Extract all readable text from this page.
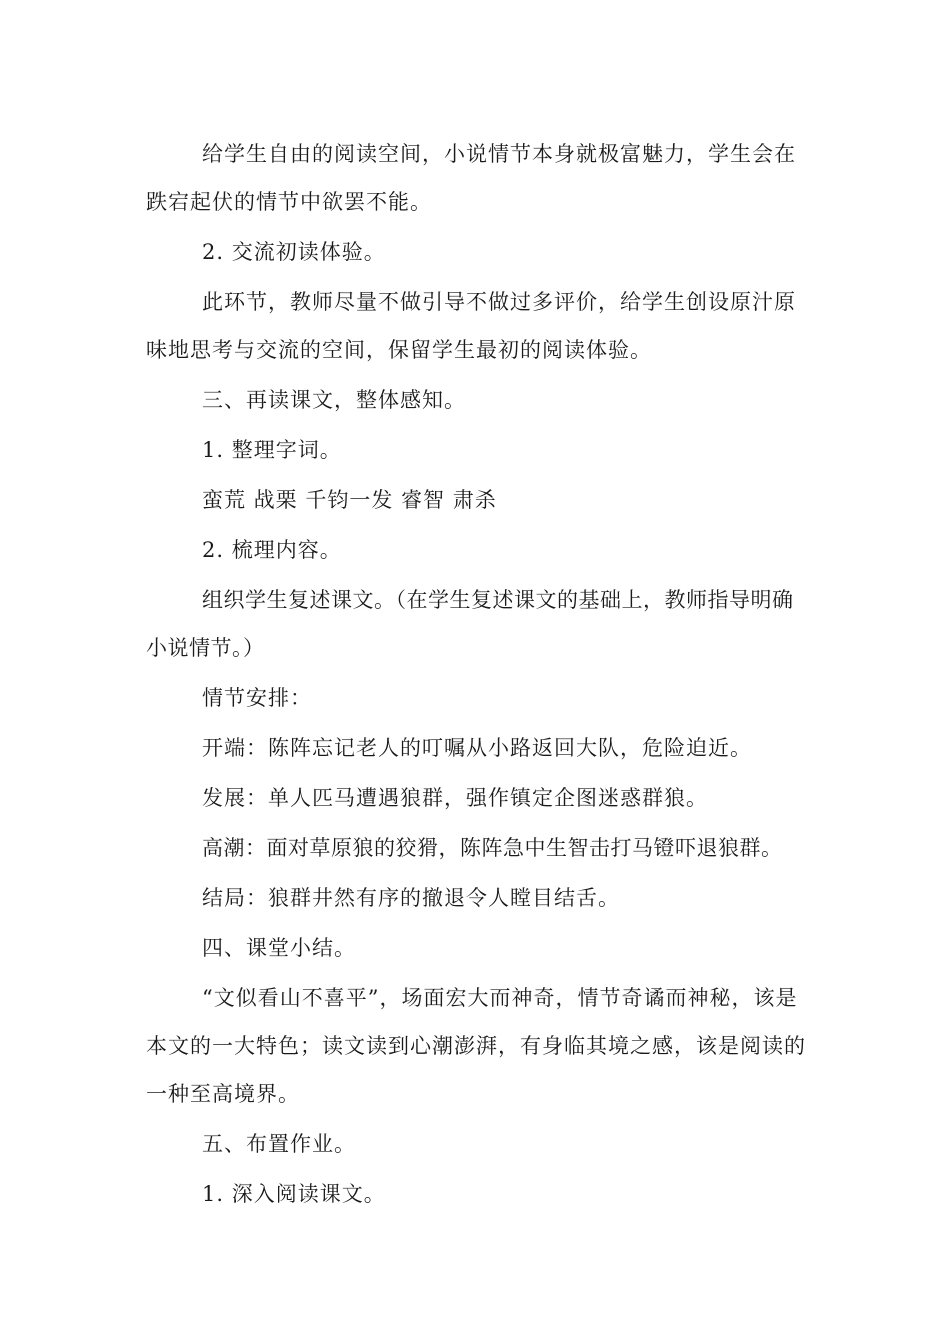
给学生自由的阅读空间，小说情节本身就极富魅力，学生会在跌宕起伏的情节中欲罢不能。

2. 交流初读体验。

此环节，教师尽量不做引导不做过多评价，给学生创设原汁原味地思考与交流的空间，保留学生最初的阅读体验。

三、再读课文，整体感知。

1. 整理字词。

蛮荒 战栗 千钧一发 睿智 肃杀

2. 梳理内容。

组织学生复述课文。（在学生复述课文的基础上，教师指导明确小说情节。）

情节安排：

开端：陈阵忘记老人的叮嘱从小路返回大队，危险迫近。

发展：单人匹马遭遇狼群，强作镇定企图迷惑群狼。

高潮：面对草原狼的狡猾，陈阵急中生智击打马镫吓退狼群。

结局：狼群井然有序的撤退令人瞠目结舌。

四、课堂小结。

“文似看山不喜平”，场面宏大而神奇，情节奇谲而神秘，该是本文的一大特色；读文读到心潮澎湃，有身临其境之感，该是阅读的一种至高境界。

五、布置作业。

1. 深入阅读课文。
